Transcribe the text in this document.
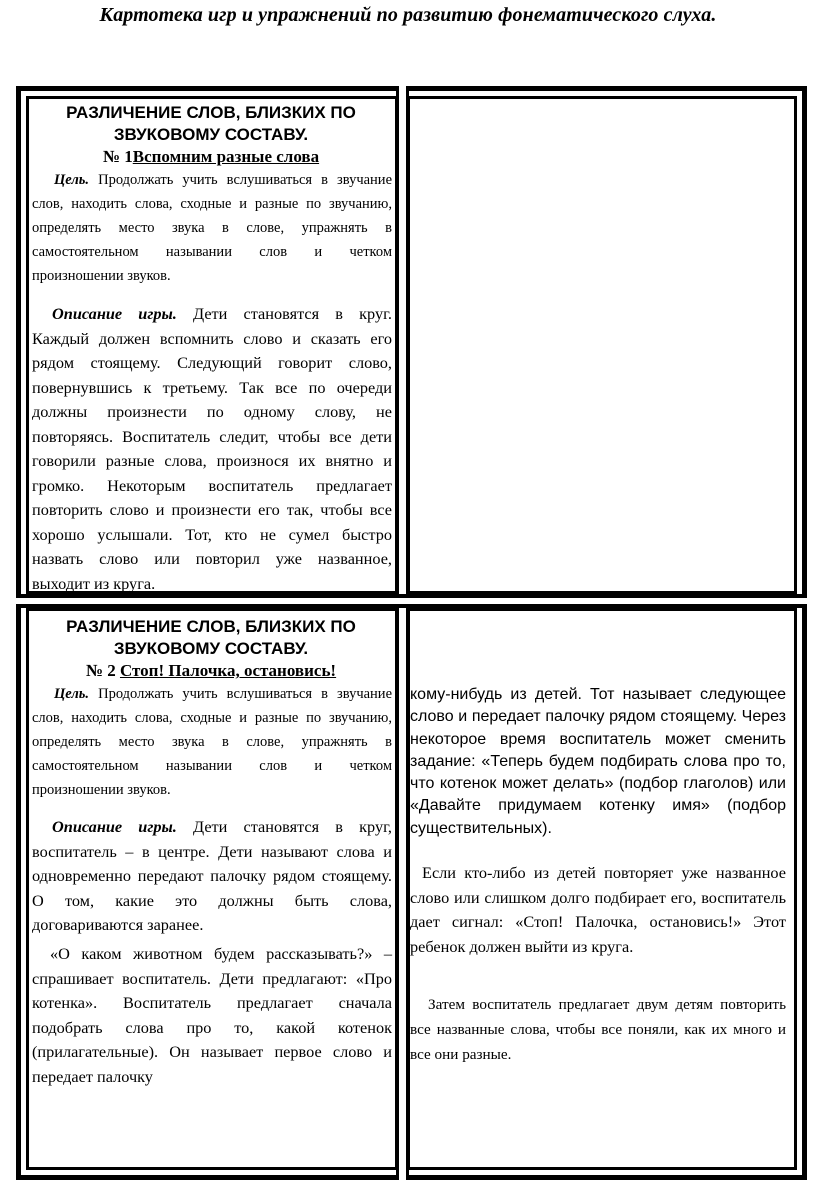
Картотека игр и упражнений по развитию фонематического слуха.
РАЗЛИЧЕНИЕ СЛОВ, БЛИЗКИХ ПО
ЗВУКОВОМУ СОСТАВУ.
№ 1Вспомним разные слова

Цель. Продолжать учить вслушиваться в звучание слов, находить слова, сходные и разные по звучанию, определять место звука в слове, упражнять в самостоятельном назывании слов и четком произношении звуков.

Описание игры. Дети становятся в круг. Каждый должен вспомнить слово и сказать его рядом стоящему. Следующий говорит слово, повернувшись к третьему. Так все по очереди должны произнести по одному слову, не повторяясь. Воспитатель следит, чтобы все дети говорили разные слова, произнося их внятно и громко. Некоторым воспитатель предлагает повторить слово и произнести его так, чтобы все хорошо услышали. Тот, кто не сумел быстро назвать слово или повторил уже названное, выходит из круга.

РАЗЛИЧЕНИЕ СЛОВ, БЛИЗКИХ ПО
ЗВУКОВОМУ СОСТАВУ.
№ 2 Стоп! Палочка, остановись!

Цель. Продолжать учить вслушиваться в звучание слов, находить слова, сходные и разные по звучанию, определять место звука в слове, упражнять в самостоятельном назывании слов и четком произношении звуков.

Описание игры. Дети становятся в круг, воспитатель – в центре. Дети называют слова и одновременно передают палочку рядом стоящему. О том, какие это должны быть слова, договариваются заранее.

«О каком животном будем рассказывать?» – спрашивает воспитатель. Дети предлагают: «Про котенка». Воспитатель предлагает сначала подобрать слова про то, какой котенок (прилагательные). Он называет первое слово и передает палочку

кому-нибудь из детей. Тот называет следующее слово и передает палочку рядом стоящему. Через некоторое время воспитатель может сменить задание: «Теперь будем подбирать слова про то, что котенок может делать» (подбор глаголов) или «Давайте придумаем котенку имя» (подбор существительных).

Если кто-либо из детей повторяет уже названное слово или слишком долго подбирает его, воспитатель дает сигнал: «Стоп! Палочка, остановись!» Этот ребенок должен выйти из круга.

Затем воспитатель предлагает двум детям повторить все названные слова, чтобы все поняли, как их много и все они разные.
